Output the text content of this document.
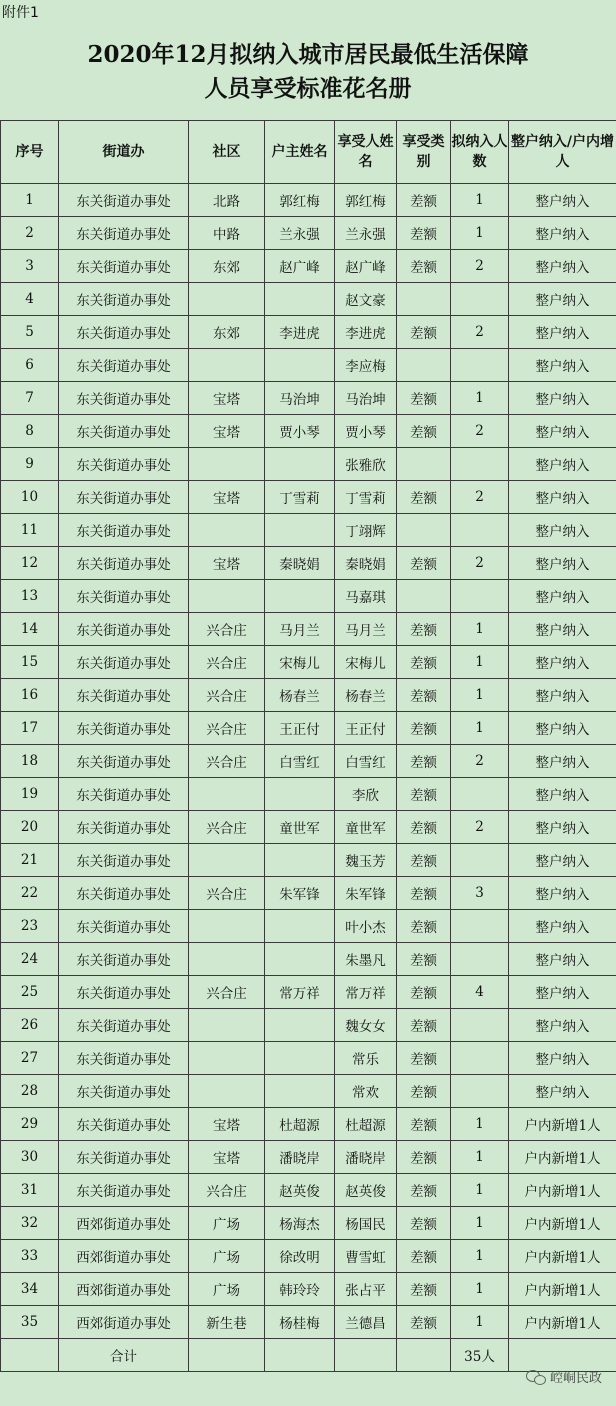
附件1
2020年12月拟纳入城市居民最低生活保障
人员享受标准花名册
序号	街道办	社区	户主姓名	享受人姓名	享受类别	拟纳入人数	整户纳入/户内增人
1	东关街道办事处	北路	郭红梅	郭红梅	差额	1	整户纳入
2	东关街道办事处	中路	兰永强	兰永强	差额	1	整户纳入
3	东关街道办事处	东郊	赵广峰	赵广峰	差额	2	整户纳入
4	东关街道办事处			赵文豪			整户纳入
5	东关街道办事处	东郊	李进虎	李进虎	差额	2	整户纳入
6	东关街道办事处			李应梅			整户纳入
7	东关街道办事处	宝塔	马治坤	马治坤	差额	1	整户纳入
8	东关街道办事处	宝塔	贾小琴	贾小琴	差额	2	整户纳入
9	东关街道办事处			张雅欣			整户纳入
10	东关街道办事处	宝塔	丁雪莉	丁雪莉	差额	2	整户纳入
11	东关街道办事处			丁翊辉			整户纳入
12	东关街道办事处	宝塔	秦晓娟	秦晓娟	差额	2	整户纳入
13	东关街道办事处			马嘉琪			整户纳入
14	东关街道办事处	兴合庄	马月兰	马月兰	差额	1	整户纳入
15	东关街道办事处	兴合庄	宋梅儿	宋梅儿	差额	1	整户纳入
16	东关街道办事处	兴合庄	杨春兰	杨春兰	差额	1	整户纳入
17	东关街道办事处	兴合庄	王正付	王正付	差额	1	整户纳入
18	东关街道办事处	兴合庄	白雪红	白雪红	差额	2	整户纳入
19	东关街道办事处			李欣	差额		整户纳入
20	东关街道办事处	兴合庄	童世军	童世军	差额	2	整户纳入
21	东关街道办事处			魏玉芳	差额		整户纳入
22	东关街道办事处	兴合庄	朱军锋	朱军锋	差额	3	整户纳入
23	东关街道办事处			叶小杰	差额		整户纳入
24	东关街道办事处			朱墨凡	差额		整户纳入
25	东关街道办事处	兴合庄	常万祥	常万祥	差额	4	整户纳入
26	东关街道办事处			魏女女	差额		整户纳入
27	东关街道办事处			常乐	差额		整户纳入
28	东关街道办事处			常欢	差额		整户纳入
29	东关街道办事处	宝塔	杜超源	杜超源	差额	1	户内新增1人
30	东关街道办事处	宝塔	潘晓岸	潘晓岸	差额	1	户内新增1人
31	东关街道办事处	兴合庄	赵英俊	赵英俊	差额	1	户内新增1人
32	西郊街道办事处	广场	杨海杰	杨国民	差额	1	户内新增1人
33	西郊街道办事处	广场	徐改明	曹雪虹	差额	1	户内新增1人
34	西郊街道办事处	广场	韩玲玲	张占平	差额	1	户内新增1人
35	西郊街道办事处	新生巷	杨桂梅	兰德昌	差额	1	户内新增1人
	合计					35人	
崆峒民政
